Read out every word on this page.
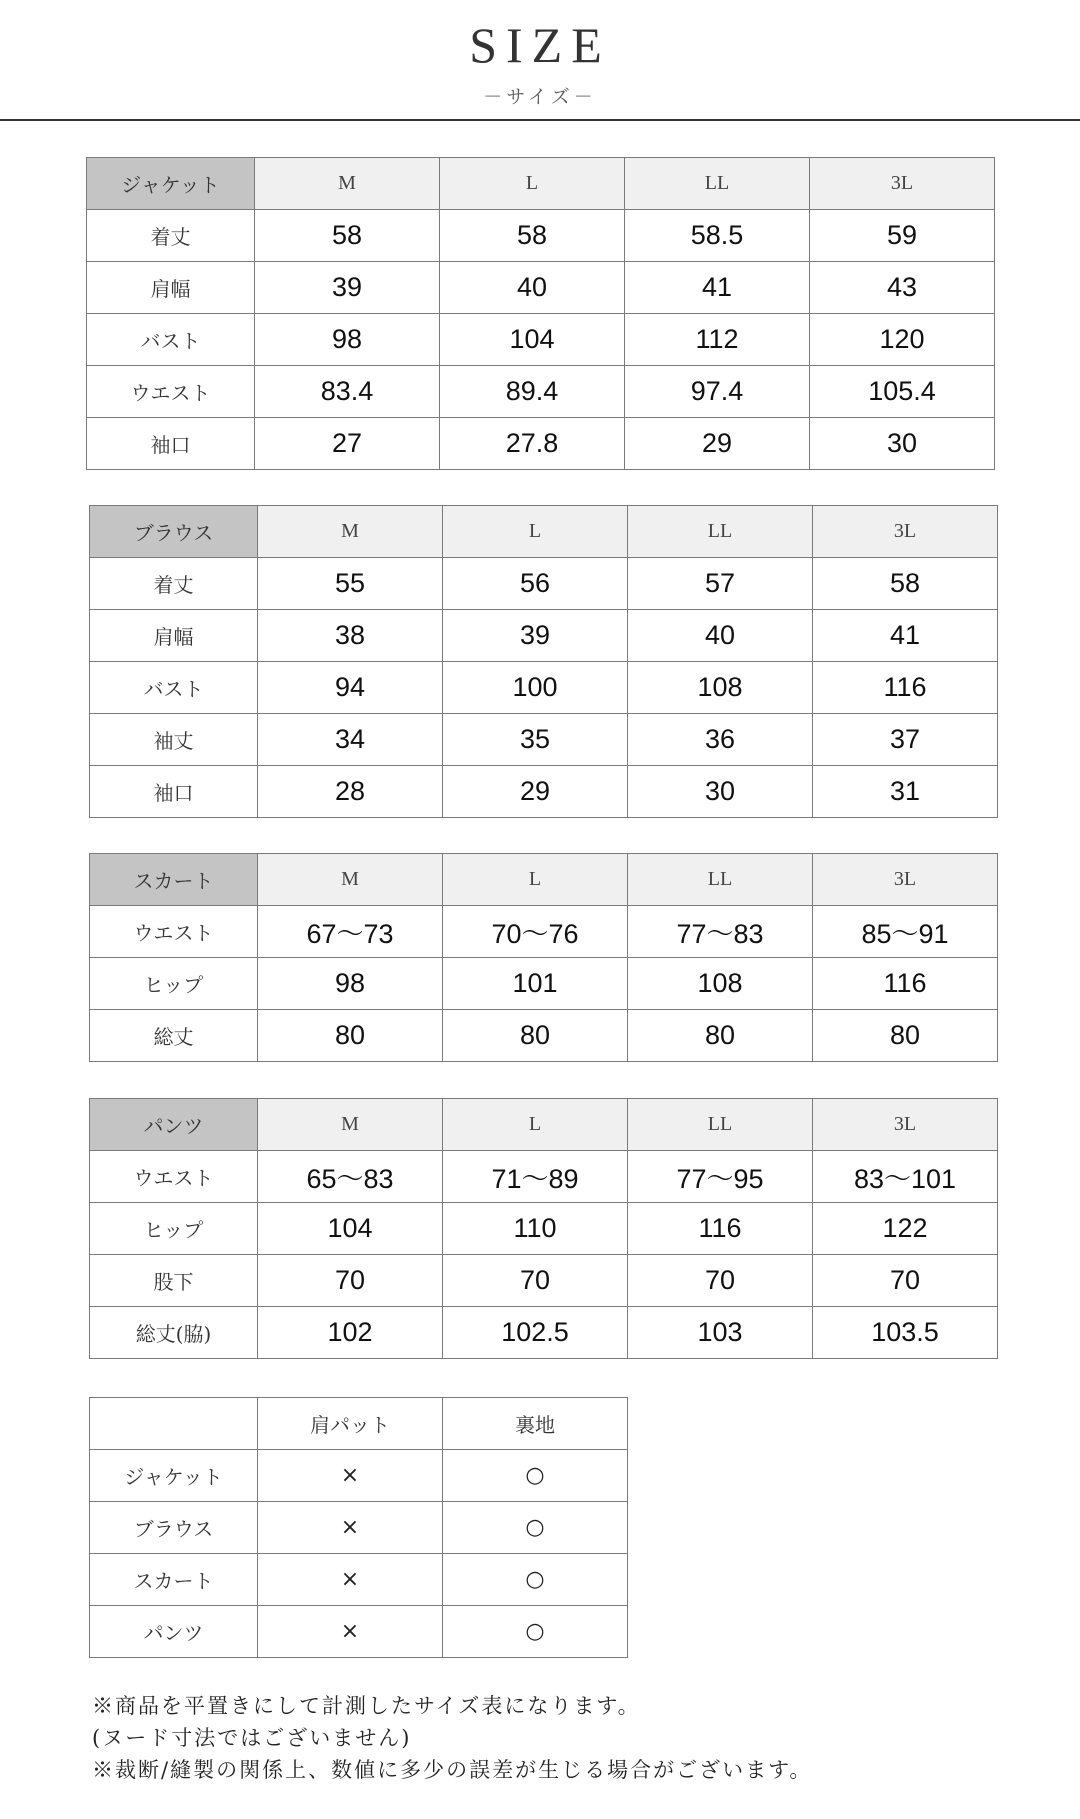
SIZE
－サイズ－
ジャケット	M	L	LL	3L
着丈	58	58	58.5	59
肩幅	39	40	41	43
バスト	98	104	112	120
ウエスト	83.4	89.4	97.4	105.4
袖口	27	27.8	29	30
ブラウス	M	L	LL	3L
着丈	55	56	57	58
肩幅	38	39	40	41
バスト	94	100	108	116
袖丈	34	35	36	37
袖口	28	29	30	31
スカート	M	L	LL	3L
ウエスト	67〜73	70〜76	77〜83	85〜91
ヒップ	98	101	108	116
総丈	80	80	80	80
パンツ	M	L	LL	3L
ウエスト	65〜83	71〜89	77〜95	83〜101
ヒップ	104	110	116	122
股下	70	70	70	70
総丈(脇)	102	102.5	103	103.5
	肩パット	裏地
ジャケット	×	○
ブラウス	×	○
スカート	×	○
パンツ	×	○
※商品を平置きにして計測したサイズ表になります。
(ヌード寸法ではございません)
※裁断/縫製の関係上、数値に多少の誤差が生じる場合がございます。
